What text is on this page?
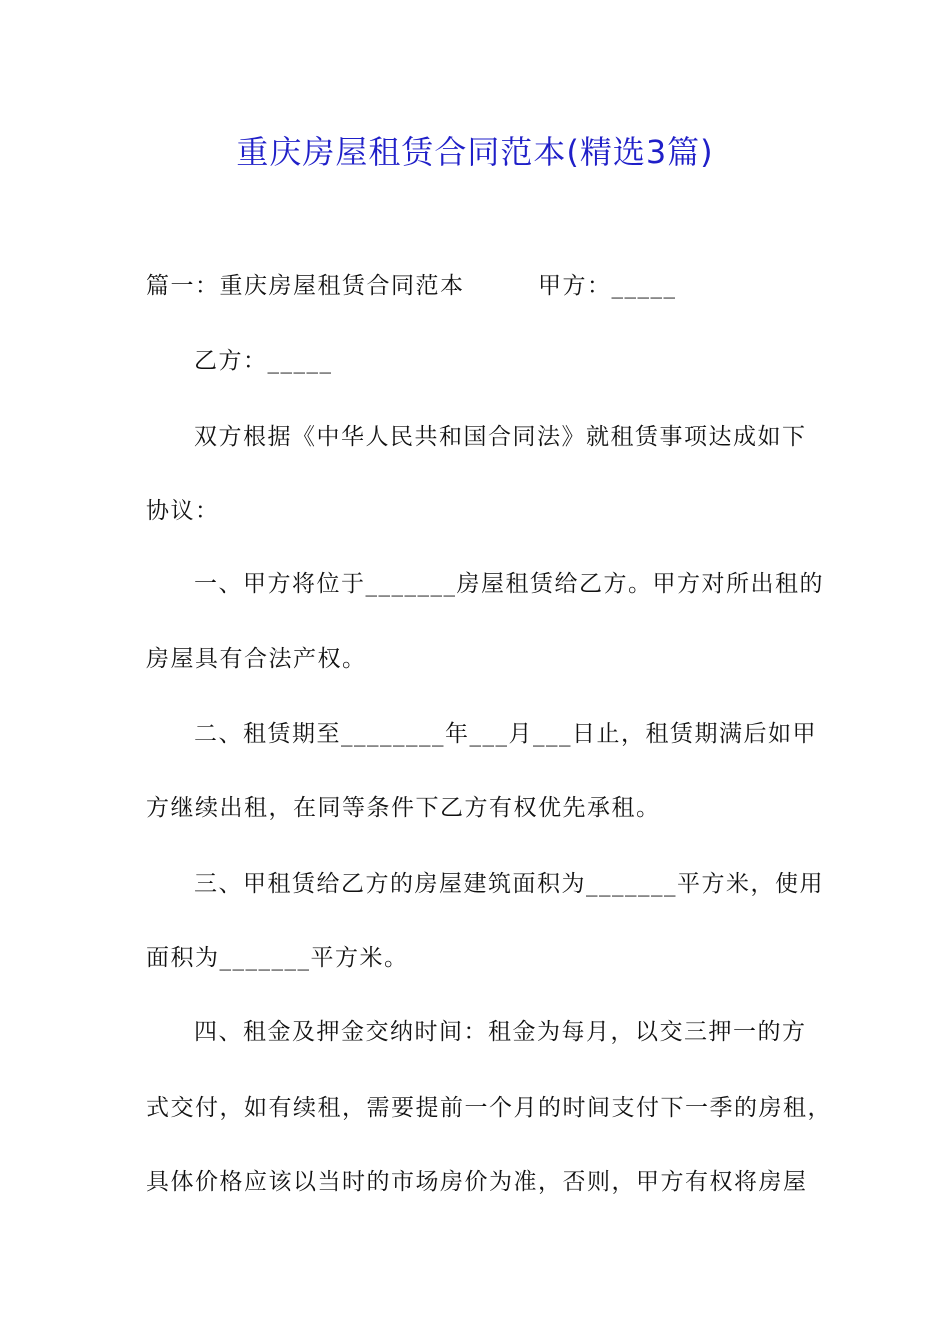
重庆房屋租赁合同范本(精选3篇)
篇一：重庆房屋租赁合同范本　　　甲方：_____
乙方：_____
双方根据《中华人民共和国合同法》就租赁事项达成如下
协议：
一、甲方将位于_______房屋租赁给乙方。甲方对所出租的
房屋具有合法产权。
二、租赁期至________年___月___日止，租赁期满后如甲
方继续出租，在同等条件下乙方有权优先承租。
三、甲租赁给乙方的房屋建筑面积为_______平方米，使用
面积为_______平方米。
四、租金及押金交纳时间：租金为每月，以交三押一的方
式交付，如有续租，需要提前一个月的时间支付下一季的房租，
具体价格应该以当时的市场房价为准，否则，甲方有权将房屋
